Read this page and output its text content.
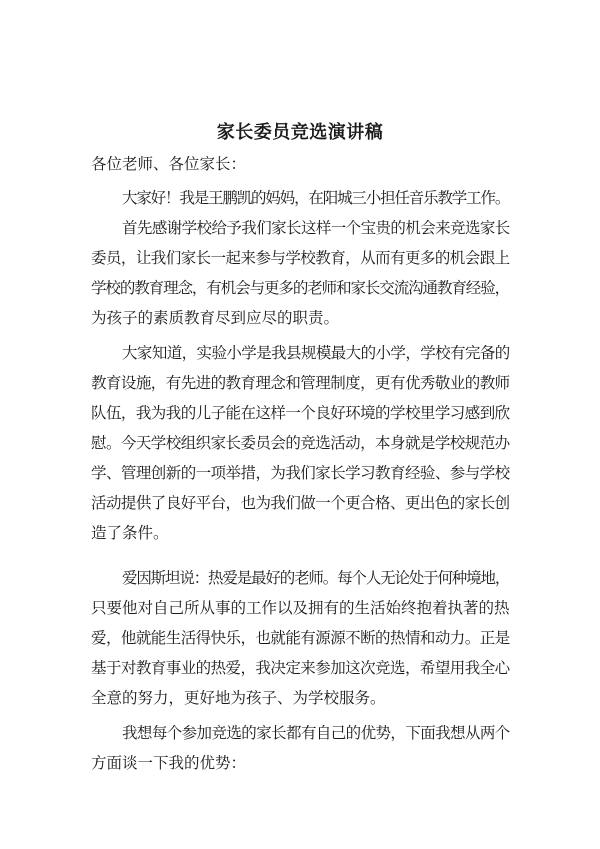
家长委员竞选演讲稿
各位老师、各位家长：
大家好！我是王鹏凯的妈妈，在阳城三小担任音乐教学工作。
首先感谢学校给予我们家长这样一个宝贵的机会来竞选家长
委员，让我们家长一起来参与学校教育，从而有更多的机会跟上
学校的教育理念，有机会与更多的老师和家长交流沟通教育经验，
为孩子的素质教育尽到应尽的职责。
大家知道，实验小学是我县规模最大的小学，学校有完备的
教育设施，有先进的教育理念和管理制度，更有优秀敬业的教师
队伍，我为我的儿子能在这样一个良好环境的学校里学习感到欣
慰。今天学校组织家长委员会的竞选活动，本身就是学校规范办
学、管理创新的一项举措，为我们家长学习教育经验、参与学校
活动提供了良好平台，也为我们做一个更合格、更出色的家长创
造了条件。
爱因斯坦说：热爱是最好的老师。每个人无论处于何种境地，
只要他对自己所从事的工作以及拥有的生活始终抱着执著的热
爱，他就能生活得快乐，也就能有源源不断的热情和动力。正是
基于对教育事业的热爱，我决定来参加这次竞选，希望用我全心
全意的努力，更好地为孩子、为学校服务。
我想每个参加竞选的家长都有自己的优势，下面我想从两个
方面谈一下我的优势：
